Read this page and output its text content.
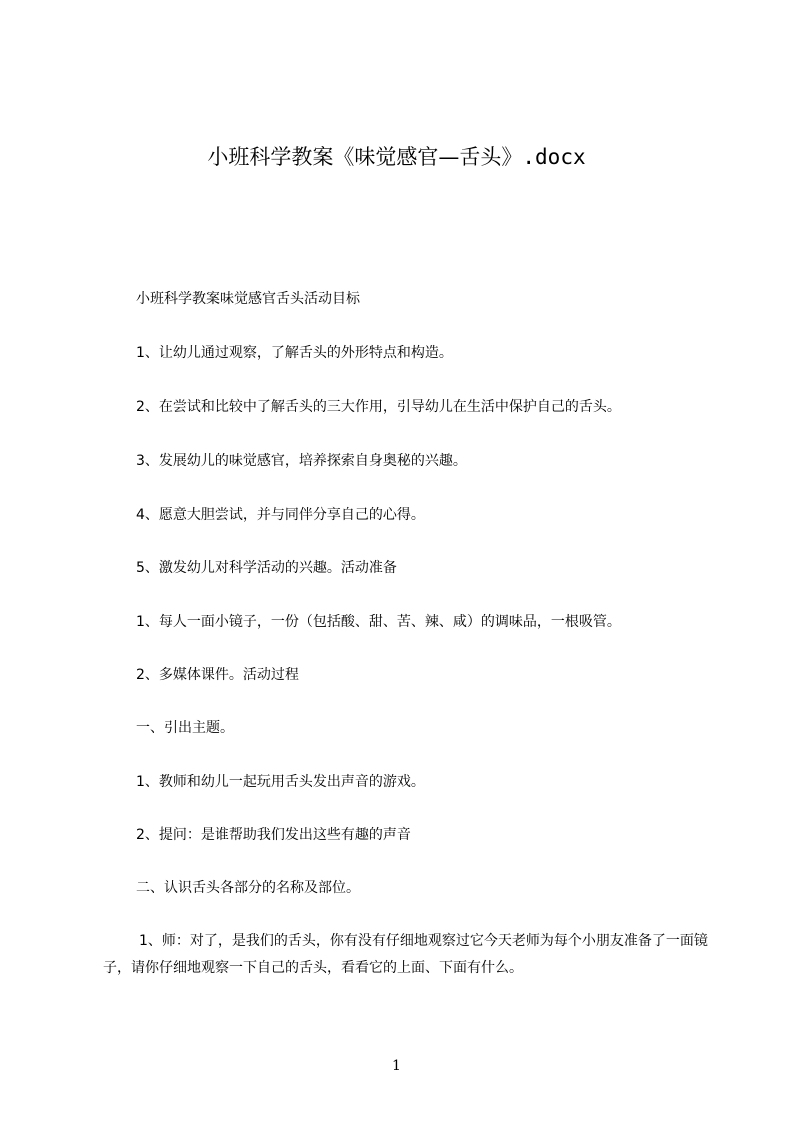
小班科学教案《味觉感官—舌头》.docx
小班科学教案味觉感官舌头活动目标
1、让幼儿通过观察，了解舌头的外形特点和构造。
2、在尝试和比较中了解舌头的三大作用，引导幼儿在生活中保护自己的舌头。
3、发展幼儿的味觉感官，培养探索自身奥秘的兴趣。
4、愿意大胆尝试，并与同伴分享自己的心得。
5、激发幼儿对科学活动的兴趣。活动准备
1、每人一面小镜子，一份（包括酸、甜、苦、辣、咸）的调味品，一根吸管。
2、多媒体课件。活动过程
一、引出主题。
1、教师和幼儿一起玩用舌头发出声音的游戏。
2、提问：是谁帮助我们发出这些有趣的声音
二、认识舌头各部分的名称及部位。
1、师：对了，是我们的舌头，你有没有仔细地观察过它今天老师为每个小朋友准备了一面镜子，请你仔细地观察一下自己的舌头，看看它的上面、下面有什么。
1
